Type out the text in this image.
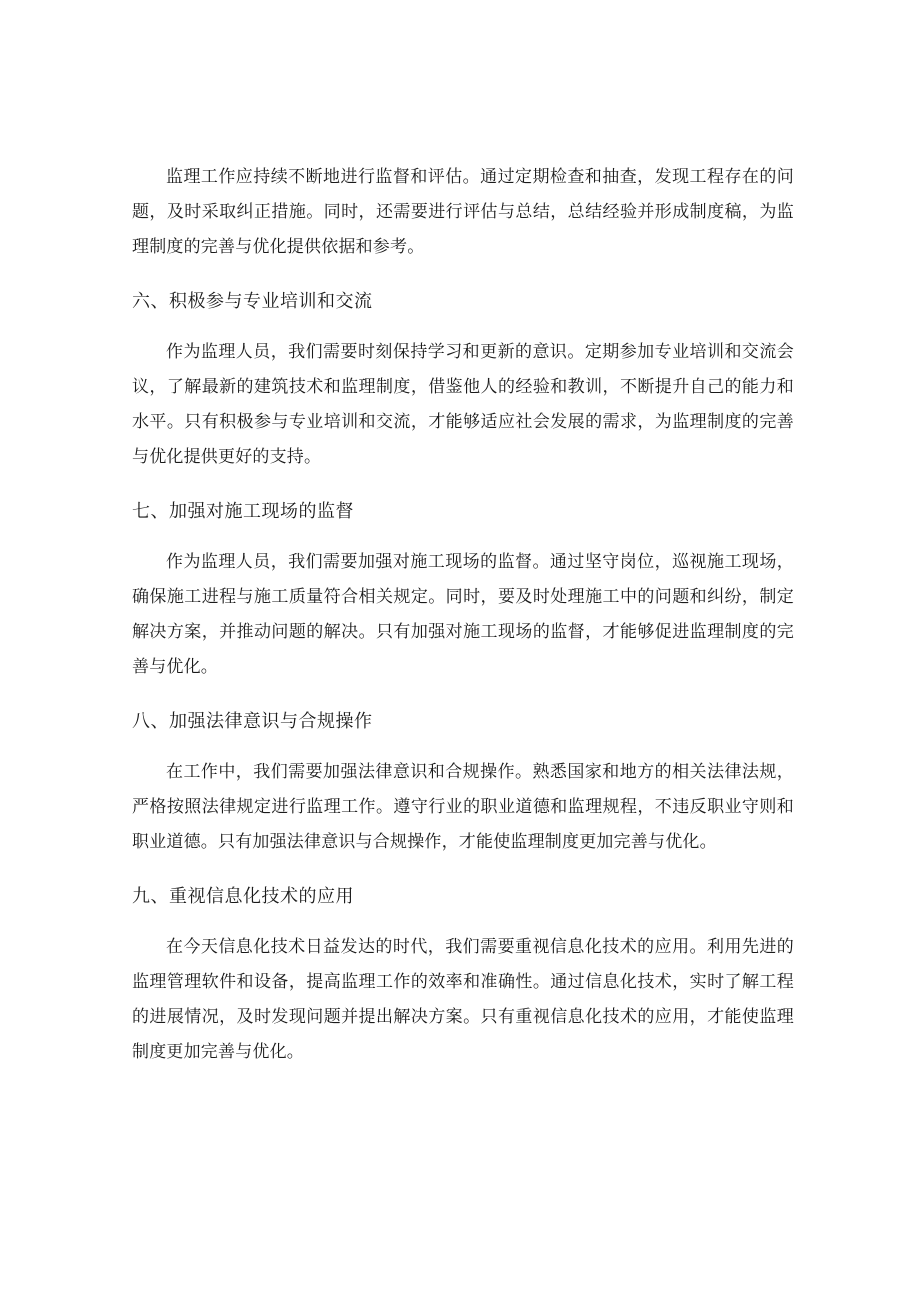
监理工作应持续不断地进行监督和评估。通过定期检查和抽查，发现工程存在的问题，及时采取纠正措施。同时，还需要进行评估与总结，总结经验并形成制度稿，为监理制度的完善与优化提供依据和参考。

六、积极参与专业培训和交流

作为监理人员，我们需要时刻保持学习和更新的意识。定期参加专业培训和交流会议，了解最新的建筑技术和监理制度，借鉴他人的经验和教训，不断提升自己的能力和水平。只有积极参与专业培训和交流，才能够适应社会发展的需求，为监理制度的完善与优化提供更好的支持。

七、加强对施工现场的监督

作为监理人员，我们需要加强对施工现场的监督。通过坚守岗位，巡视施工现场，确保施工进程与施工质量符合相关规定。同时，要及时处理施工中的问题和纠纷，制定解决方案，并推动问题的解决。只有加强对施工现场的监督，才能够促进监理制度的完善与优化。

八、加强法律意识与合规操作

在工作中，我们需要加强法律意识和合规操作。熟悉国家和地方的相关法律法规，严格按照法律规定进行监理工作。遵守行业的职业道德和监理规程，不违反职业守则和职业道德。只有加强法律意识与合规操作，才能使监理制度更加完善与优化。

九、重视信息化技术的应用

在今天信息化技术日益发达的时代，我们需要重视信息化技术的应用。利用先进的监理管理软件和设备，提高监理工作的效率和准确性。通过信息化技术，实时了解工程的进展情况，及时发现问题并提出解决方案。只有重视信息化技术的应用，才能使监理制度更加完善与优化。
